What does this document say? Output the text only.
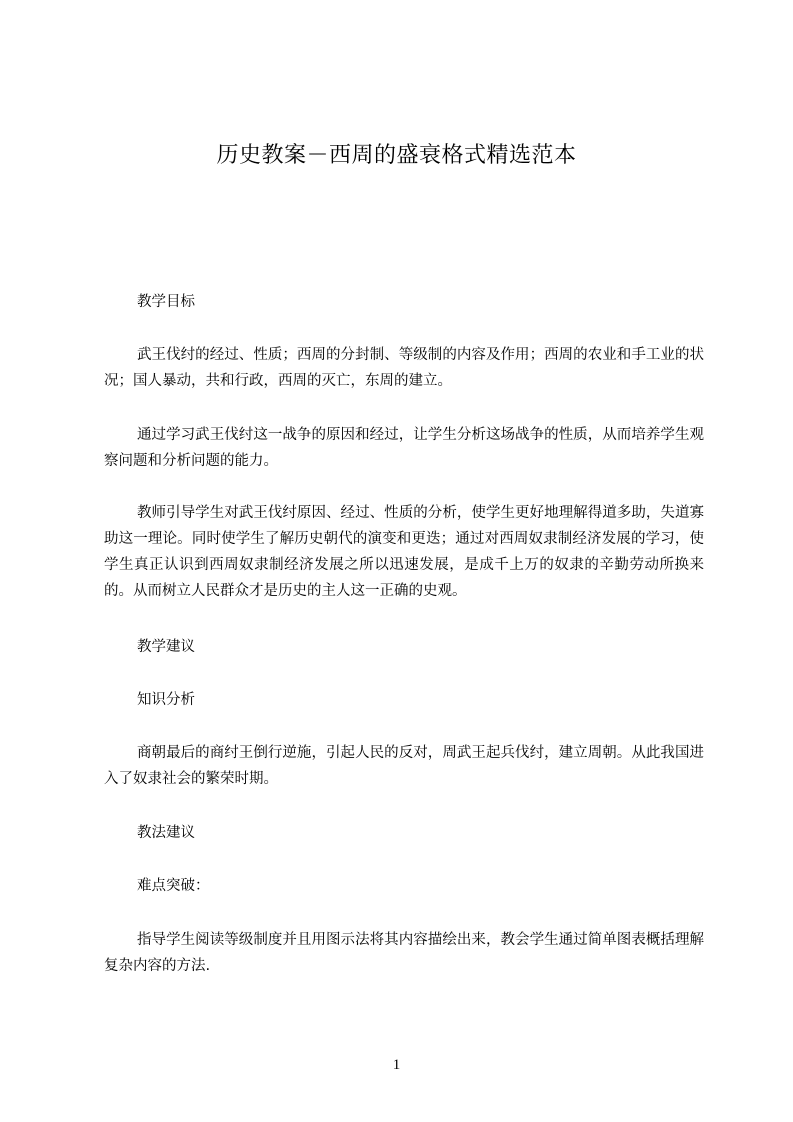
历史教案－西周的盛衰格式精选范本

教学目标

武王伐纣的经过、性质；西周的分封制、等级制的内容及作用；西周的农业和手工业的状况；国人暴动，共和行政，西周的灭亡，东周的建立。

通过学习武王伐纣这一战争的原因和经过，让学生分析这场战争的性质，从而培养学生观察问题和分析问题的能力。

教师引导学生对武王伐纣原因、经过、性质的分析，使学生更好地理解得道多助，失道寡助这一理论。同时使学生了解历史朝代的演变和更迭；通过对西周奴隶制经济发展的学习，使学生真正认识到西周奴隶制经济发展之所以迅速发展，是成千上万的奴隶的辛勤劳动所换来的。从而树立人民群众才是历史的主人这一正确的史观。

教学建议

知识分析

商朝最后的商纣王倒行逆施，引起人民的反对，周武王起兵伐纣，建立周朝。从此我国进入了奴隶社会的繁荣时期。

教法建议

难点突破：

指导学生阅读等级制度并且用图示法将其内容描绘出来，教会学生通过简单图表概括理解复杂内容的方法.

1
